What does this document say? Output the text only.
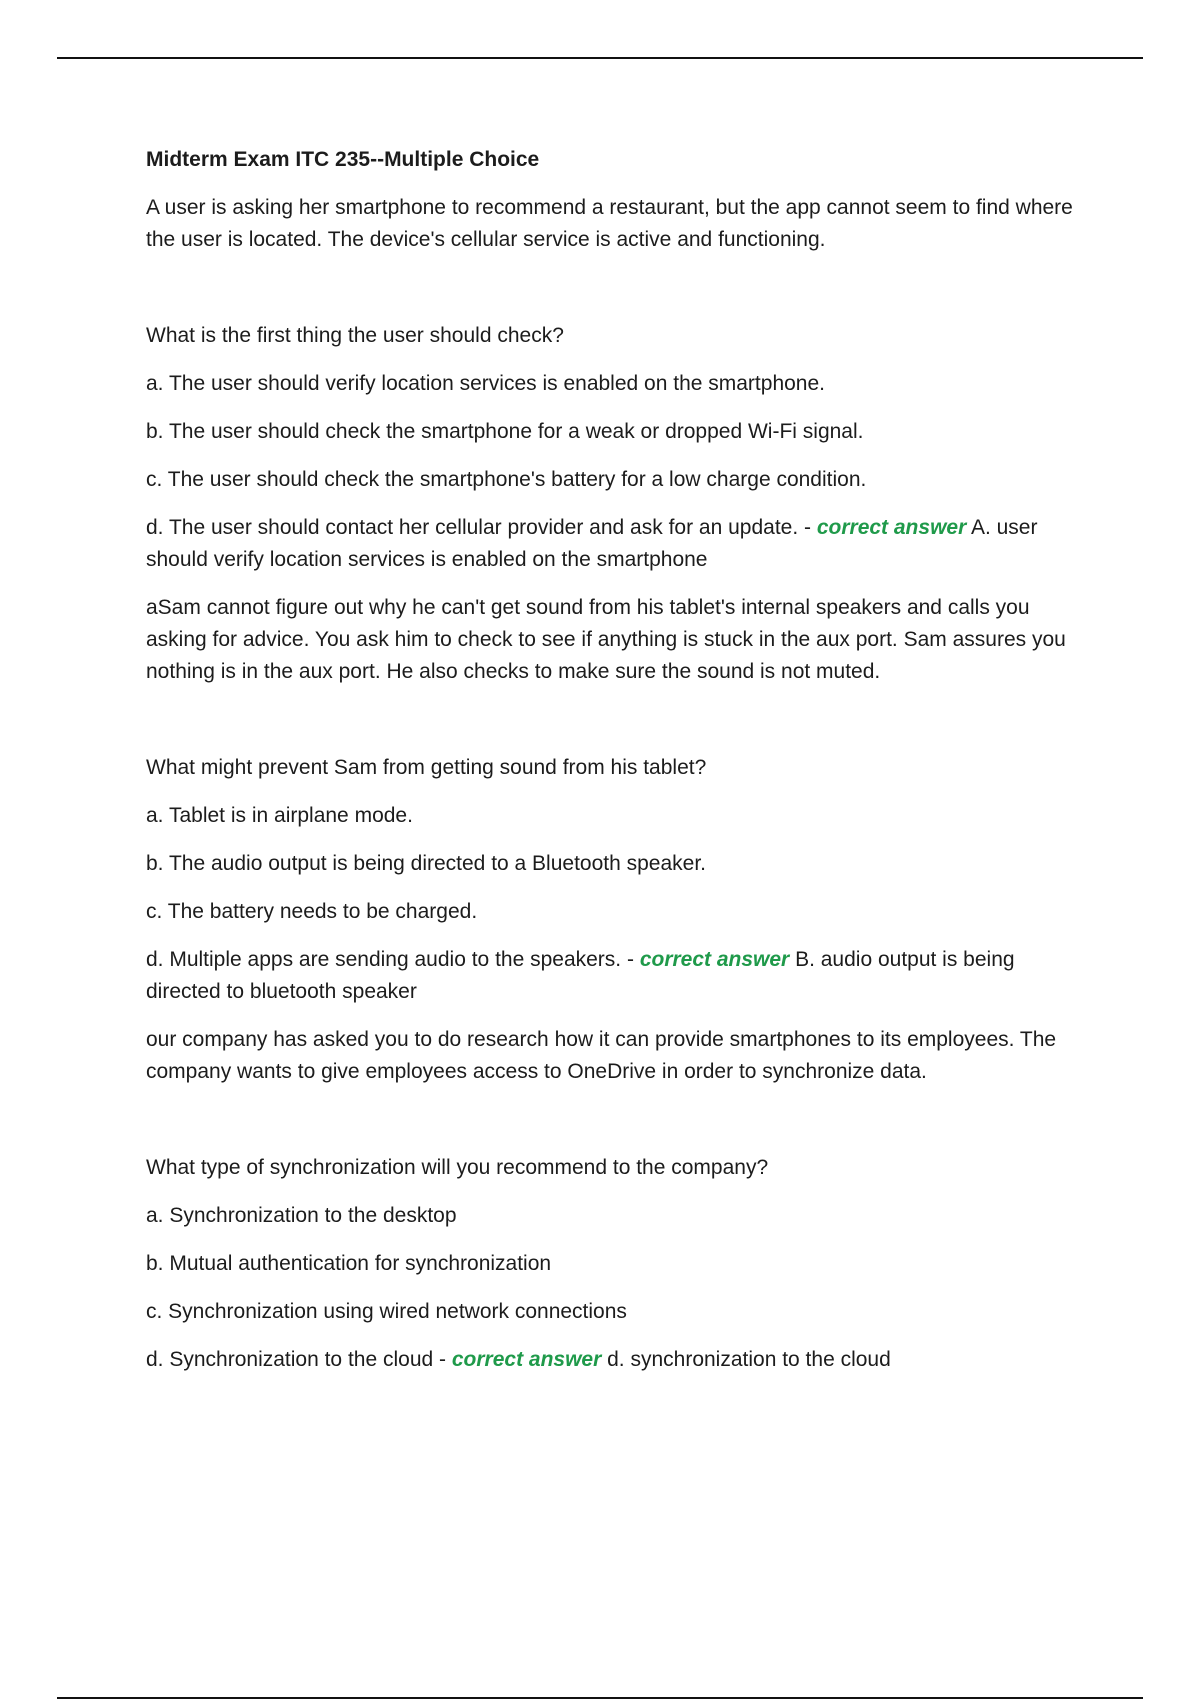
Midterm Exam ITC 235--Multiple Choice
A user is asking her smartphone to recommend a restaurant, but the app cannot seem to find where the user is located. The device's cellular service is active and functioning.
What is the first thing the user should check?
a. The user should verify location services is enabled on the smartphone.
b. The user should check the smartphone for a weak or dropped Wi-Fi signal.
c. The user should check the smartphone's battery for a low charge condition.
d. The user should contact her cellular provider and ask for an update. - correct answer A. user should verify location services is enabled on the smartphone
aSam cannot figure out why he can't get sound from his tablet's internal speakers and calls you asking for advice. You ask him to check to see if anything is stuck in the aux port. Sam assures you nothing is in the aux port. He also checks to make sure the sound is not muted.
What might prevent Sam from getting sound from his tablet?
a. Tablet is in airplane mode.
b. The audio output is being directed to a Bluetooth speaker.
c. The battery needs to be charged.
d. Multiple apps are sending audio to the speakers. - correct answer B. audio output is being directed to bluetooth speaker
our company has asked you to do research how it can provide smartphones to its employees. The company wants to give employees access to OneDrive in order to synchronize data.
What type of synchronization will you recommend to the company?
a. Synchronization to the desktop
b. Mutual authentication for synchronization
c. Synchronization using wired network connections
d. Synchronization to the cloud - correct answer d. synchronization to the cloud
